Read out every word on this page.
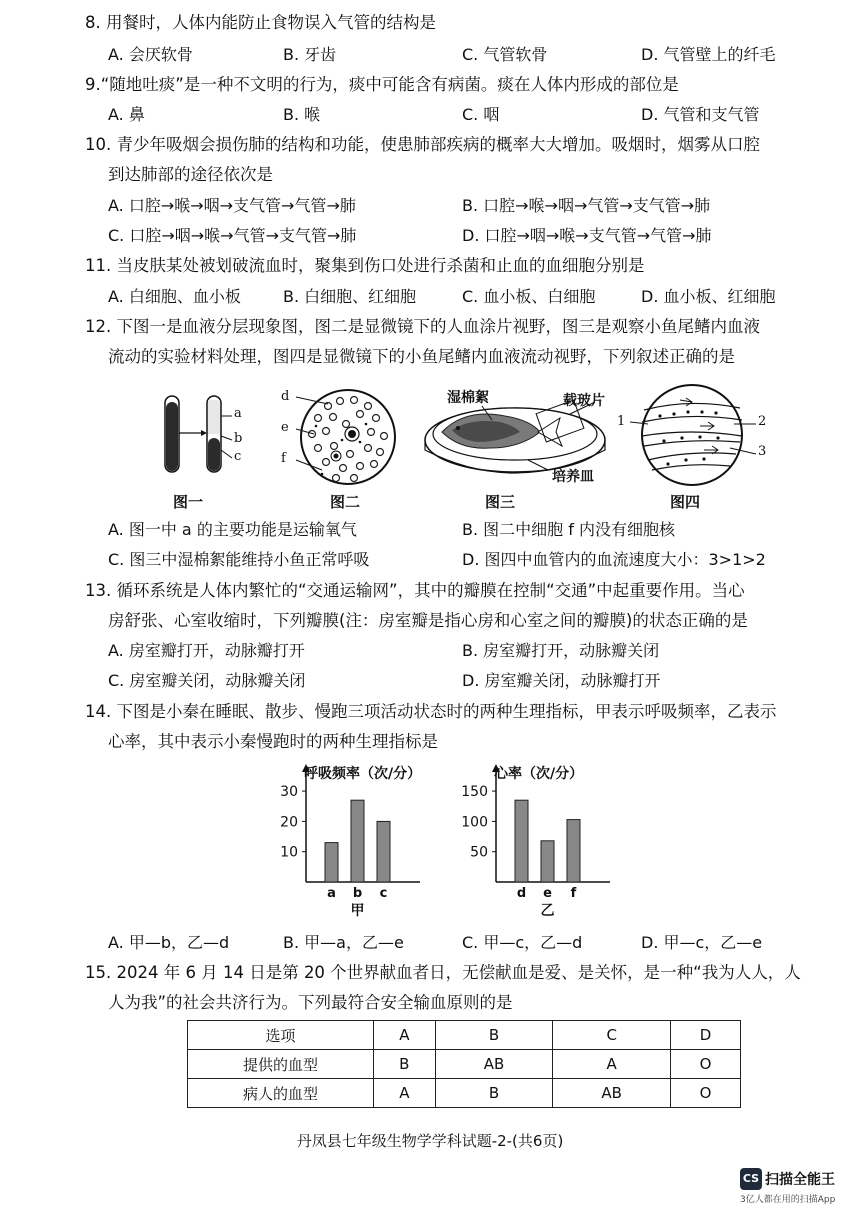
8. 用餐时，人体内能防止食物误入气管的结构是
A. 会厌软骨	B. 牙齿	C. 气管软骨	D. 气管壁上的纤毛
9.“随地吐痰”是一种不文明的行为，痰中可能含有病菌。痰在人体内形成的部位是
A. 鼻	B. 喉	C. 咽	D. 气管和支气管
10. 青少年吸烟会损伤肺的结构和功能，使患肺部疾病的概率大大增加。吸烟时，烟雾从口腔
到达肺部的途径依次是
A. 口腔→喉→咽→支气管→气管→肺	B. 口腔→喉→咽→气管→支气管→肺
C. 口腔→咽→喉→气管→支气管→肺	D. 口腔→咽→喉→支气管→气管→肺
11. 当皮肤某处被划破流血时，聚集到伤口处进行杀菌和止血的血细胞分别是
A. 白细胞、血小板	B. 白细胞、红细胞	C. 血小板、白细胞	D. 血小板、红细胞
12. 下图一是血液分层现象图，图二是显微镜下的人血涂片视野，图三是观察小鱼尾鳍内血液
流动的实验材料处理，图四是显微镜下的小鱼尾鳍内血液流动视野，下列叙述正确的是
a
b
c
图一
d
e
f
图二
湿棉絮	载玻片
培养皿
图三
1	2
3
图四
A. 图一中 a 的主要功能是运输氧气	B. 图二中细胞 f 内没有细胞核
C. 图三中湿棉絮能维持小鱼正常呼吸	D. 图四中血管内的血流速度大小：3>1>2
13. 循环系统是人体内繁忙的“交通运输网”，其中的瓣膜在控制“交通”中起重要作用。当心
房舒张、心室收缩时，下列瓣膜(注：房室瓣是指心房和心室之间的瓣膜)的状态正确的是
A. 房室瓣打开，动脉瓣打开	B. 房室瓣打开，动脉瓣关闭
C. 房室瓣关闭，动脉瓣关闭	D. 房室瓣关闭，动脉瓣打开
14. 下图是小秦在睡眠、散步、慢跑三项活动状态时的两种生理指标，甲表示呼吸频率，乙表示
心率，其中表示小秦慢跑时的两种生理指标是
呼吸频率（次/分）
10
20
30
a b c
甲
心率（次/分）
50
100
150
d e f
乙
A. 甲—b，乙—d	B. 甲—a，乙—e	C. 甲—c，乙—d	D. 甲—c，乙—e
15. 2024 年 6 月 14 日是第 20 个世界献血者日，无偿献血是爱、是关怀，是一种“我为人人，人
人为我”的社会共济行为。下列最符合安全输血原则的是
选项	A	B	C	D
提供的血型	B	AB	A	O
病人的血型	A	B	AB	O
丹凤县七年级生物学学科试题-2-(共6页)
CS 扫描全能王
3亿人都在用的扫描App
